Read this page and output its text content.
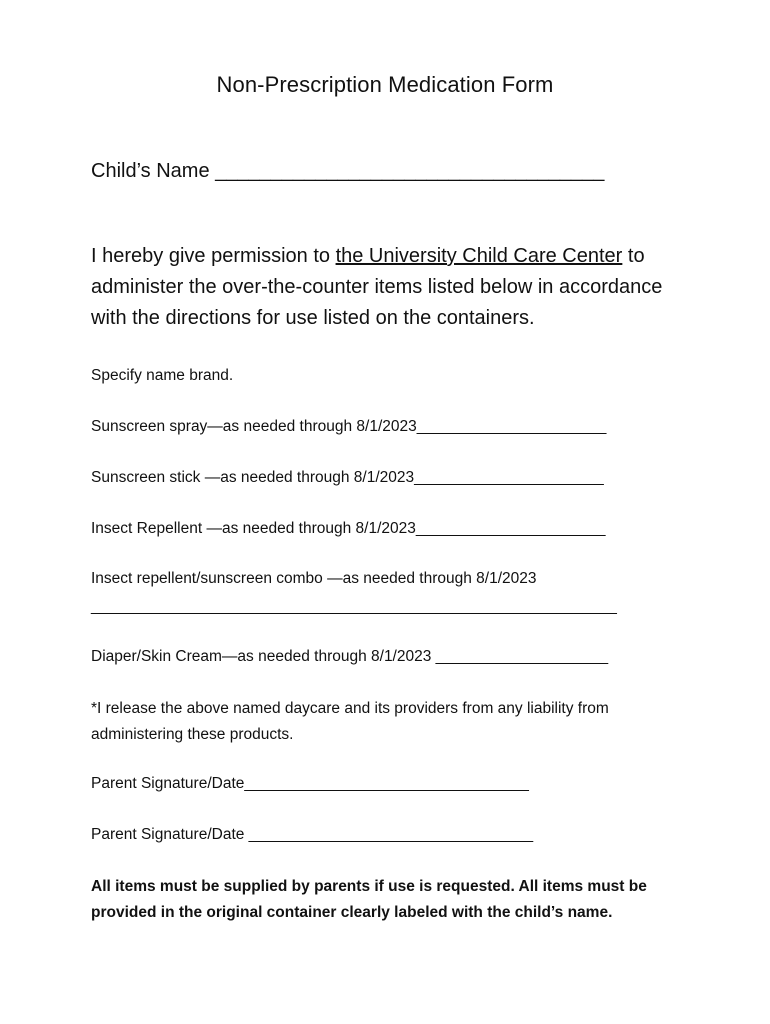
Non-Prescription Medication Form
Child’s Name ___________________________________
I hereby give permission to the University Child Care Center to administer the over-the-counter items listed below in accordance with the directions for use listed on the containers.
Specify name brand.
Sunscreen spray—as needed through 8/1/2023______________________
Sunscreen stick —as needed through 8/1/2023______________________
Insect Repellent —as needed through 8/1/2023______________________
Insect repellent/sunscreen combo —as needed through 8/1/2023
_____________________________________________________________
Diaper/Skin Cream—as needed through 8/1/2023 ____________________
*I release the above named daycare and its providers from any liability from administering these products.
Parent Signature/Date_________________________________
Parent Signature/Date _________________________________
All items must be supplied by parents if use is requested. All items must be provided in the original container clearly labeled with the child’s name.
